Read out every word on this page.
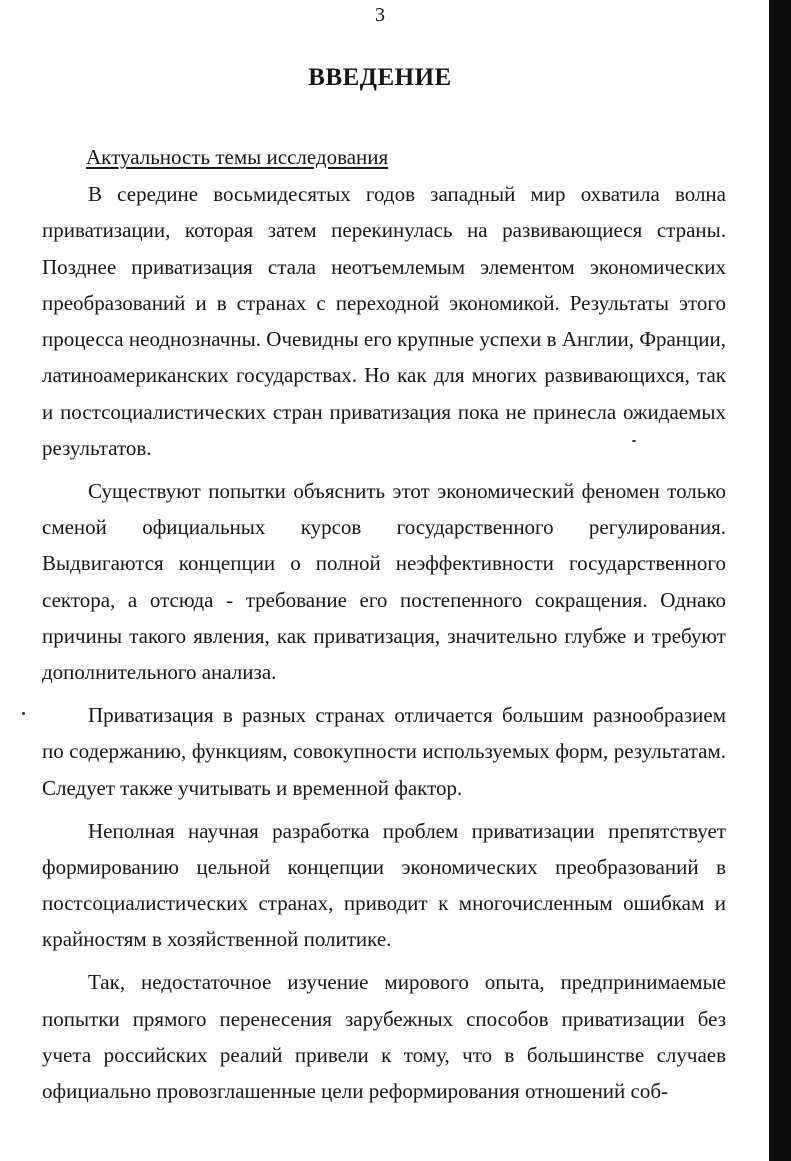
3
ВВЕДЕНИЕ

Актуальность темы исследования

В середине восьмидесятых годов западный мир охватила волна приватизации, которая затем перекинулась на развивающиеся страны. Позднее приватизация стала неотъемлемым элементом экономических преобразований и в странах с переходной экономикой. Результаты этого процесса неоднозначны. Очевидны его крупные успехи в Англии, Франции, латиноамериканских государствах. Но как для многих развивающихся, так и постсоциалистических стран приватизация пока не принесла ожидаемых результатов.

Существуют попытки объяснить этот экономический феномен только сменой официальных курсов государственного регулирования. Выдвигаются концепции о полной неэффективности государственного сектора, а отсюда - требование его постепенного сокращения. Однако причины такого явления, как приватизация, значительно глубже и требуют дополнительного анализа.

Приватизация в разных странах отличается большим разнообразием по содержанию, функциям, совокупности используемых форм, результатам. Следует также учитывать и временной фактор.

Неполная научная разработка проблем приватизации препятствует формированию цельной концепции экономических преобразований в постсоциалистических странах, приводит к многочисленным ошибкам и крайностям в хозяйственной политике.

Так, недостаточное изучение мирового опыта, предпринимаемые попытки прямого перенесения зарубежных способов приватизации без учета российских реалий привели к тому, что в большинстве случаев официально провозглашенные цели реформирования отношений соб-
